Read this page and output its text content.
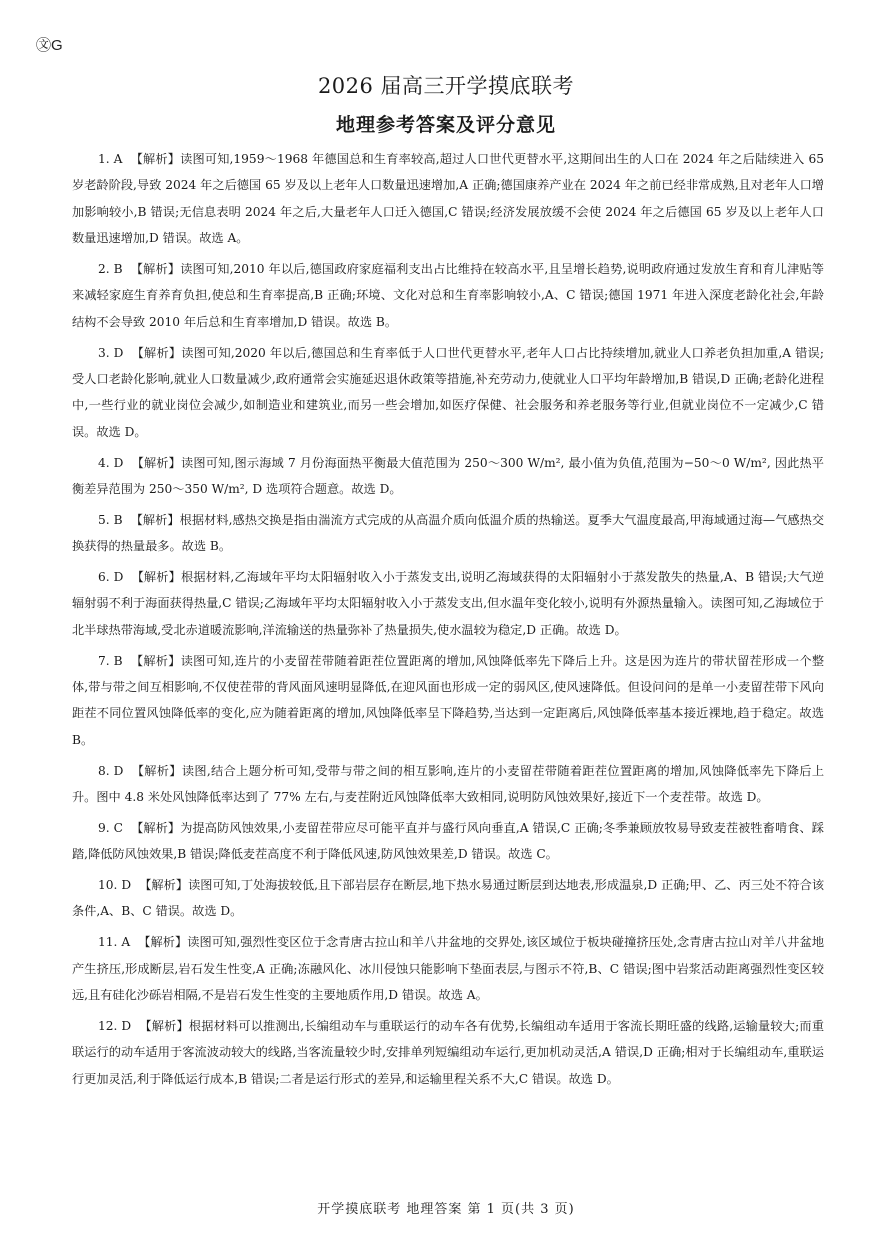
㉆G
2026 届高三开学摸底联考
地理参考答案及评分意见

1. A 【解析】读图可知,1959～1968 年德国总和生育率较高,超过人口世代更替水平,这期间出生的人口在 2024 年之后陆续进入 65 岁老龄阶段,导致 2024 年之后德国 65 岁及以上老年人口数量迅速增加,A 正确;德国康养产业在 2024 年之前已经非常成熟,且对老年人口增加影响较小,B 错误;无信息表明 2024 年之后,大量老年人口迁入德国,C 错误;经济发展放缓不会使 2024 年之后德国 65 岁及以上老年人口数量迅速增加,D 错误。故选 A。

2. B 【解析】读图可知,2010 年以后,德国政府家庭福利支出占比维持在较高水平,且呈增长趋势,说明政府通过发放生育和育儿津贴等来减轻家庭生育养育负担,使总和生育率提高,B 正确;环境、文化对总和生育率影响较小,A、C 错误;德国 1971 年进入深度老龄化社会,年龄结构不会导致 2010 年后总和生育率增加,D 错误。故选 B。

3. D 【解析】读图可知,2020 年以后,德国总和生育率低于人口世代更替水平,老年人口占比持续增加,就业人口养老负担加重,A 错误;受人口老龄化影响,就业人口数量减少,政府通常会实施延迟退休政策等措施,补充劳动力,使就业人口平均年龄增加,B 错误,D 正确;老龄化进程中,一些行业的就业岗位会减少,如制造业和建筑业,而另一些会增加,如医疗保健、社会服务和养老服务等行业,但就业岗位不一定减少,C 错误。故选 D。

4. D 【解析】读图可知,图示海域 7 月份海面热平衡最大值范围为 250～300 W/m², 最小值为负值,范围为−50～0 W/m², 因此热平衡差异范围为 250～350 W/m², D 选项符合题意。故选 D。

5. B 【解析】根据材料,感热交换是指由湍流方式完成的从高温介质向低温介质的热输送。夏季大气温度最高,甲海域通过海—气感热交换获得的热量最多。故选 B。

6. D 【解析】根据材料,乙海域年平均太阳辐射收入小于蒸发支出,说明乙海域获得的太阳辐射小于蒸发散失的热量,A、B 错误;大气逆辐射弱不利于海面获得热量,C 错误;乙海域年平均太阳辐射收入小于蒸发支出,但水温年变化较小,说明有外源热量输入。读图可知,乙海域位于北半球热带海域,受北赤道暖流影响,洋流输送的热量弥补了热量损失,使水温较为稳定,D 正确。故选 D。

7. B 【解析】读图可知,连片的小麦留茬带随着距茬位置距离的增加,风蚀降低率先下降后上升。这是因为连片的带状留茬形成一个整体,带与带之间互相影响,不仅使茬带的背风面风速明显降低,在迎风面也形成一定的弱风区,使风速降低。但设问问的是单一小麦留茬带下风向距茬不同位置风蚀降低率的变化,应为随着距离的增加,风蚀降低率呈下降趋势,当达到一定距离后,风蚀降低率基本接近裸地,趋于稳定。故选 B。

8. D 【解析】读图,结合上题分析可知,受带与带之间的相互影响,连片的小麦留茬带随着距茬位置距离的增加,风蚀降低率先下降后上升。图中 4.8 米处风蚀降低率达到了 77% 左右,与麦茬附近风蚀降低率大致相同,说明防风蚀效果好,接近下一个麦茬带。故选 D。

9. C 【解析】为提高防风蚀效果,小麦留茬带应尽可能平直并与盛行风向垂直,A 错误,C 正确;冬季兼顾放牧易导致麦茬被牲畜啃食、踩踏,降低防风蚀效果,B 错误;降低麦茬高度不利于降低风速,防风蚀效果差,D 错误。故选 C。

10. D 【解析】读图可知,丁处海拔较低,且下部岩层存在断层,地下热水易通过断层到达地表,形成温泉,D 正确;甲、乙、丙三处不符合该条件,A、B、C 错误。故选 D。

11. A 【解析】读图可知,强烈性变区位于念青唐古拉山和羊八井盆地的交界处,该区域位于板块碰撞挤压处,念青唐古拉山对羊八井盆地产生挤压,形成断层,岩石发生性变,A 正确;冻融风化、冰川侵蚀只能影响下垫面表层,与图示不符,B、C 错误;图中岩浆活动距离强烈性变区较远,且有硅化沙砾岩相隔,不是岩石发生性变的主要地质作用,D 错误。故选 A。

12. D 【解析】根据材料可以推测出,长编组动车与重联运行的动车各有优势,长编组动车适用于客流长期旺盛的线路,运输量较大;而重联运行的动车适用于客流波动较大的线路,当客流量较少时,安排单列短编组动车运行,更加机动灵活,A 错误,D 正确;相对于长编组动车,重联运行更加灵活,利于降低运行成本,B 错误;二者是运行形式的差异,和运输里程关系不大,C 错误。故选 D。

开学摸底联考 地理答案 第 1 页(共 3 页)
